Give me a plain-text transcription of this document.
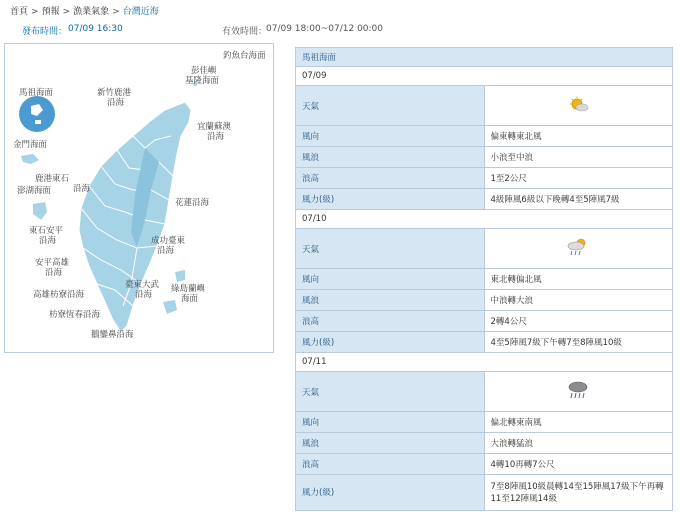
首頁 > 預報 > 漁業氣象 > 台灣近海
發布時間： 07/09 16:30	有效時間：
07/09 18:00~07/12 00:00
釣魚台海面
彭佳嶼
基隆海面
馬祖海面	新竹鹿港
沿海
宜蘭蘇澳
沿海
金門海面
鹿港東石
沿海
澎湖海面
花蓮沿海
東石安平
沿海	成功臺東
沿海
安平高雄
沿海
臺東大武
沿海
綠島蘭嶼
海面
高雄枋寮沿海
枋寮恆春沿海
鵝鑾鼻沿海
馬祖海面	
07/09	
天氣	
風向	偏東轉東北風
風浪	小浪至中浪
浪高	1至2公尺
風力(級)	4級陣風6級以下晚轉4至5陣風7級
07/10	
天氣	
風向	東北轉偏北風
風浪	中浪轉大浪
浪高	2轉4公尺
風力(級)	4至5陣風7級下午轉7至8陣風10級
07/11	
天氣	
風向	偏北轉東南風
風浪	大浪轉猛浪
浪高	4轉10再轉7公尺
風力(級)	7至8陣風10級晨轉14至15陣風17級下午再轉11至12陣風14級
